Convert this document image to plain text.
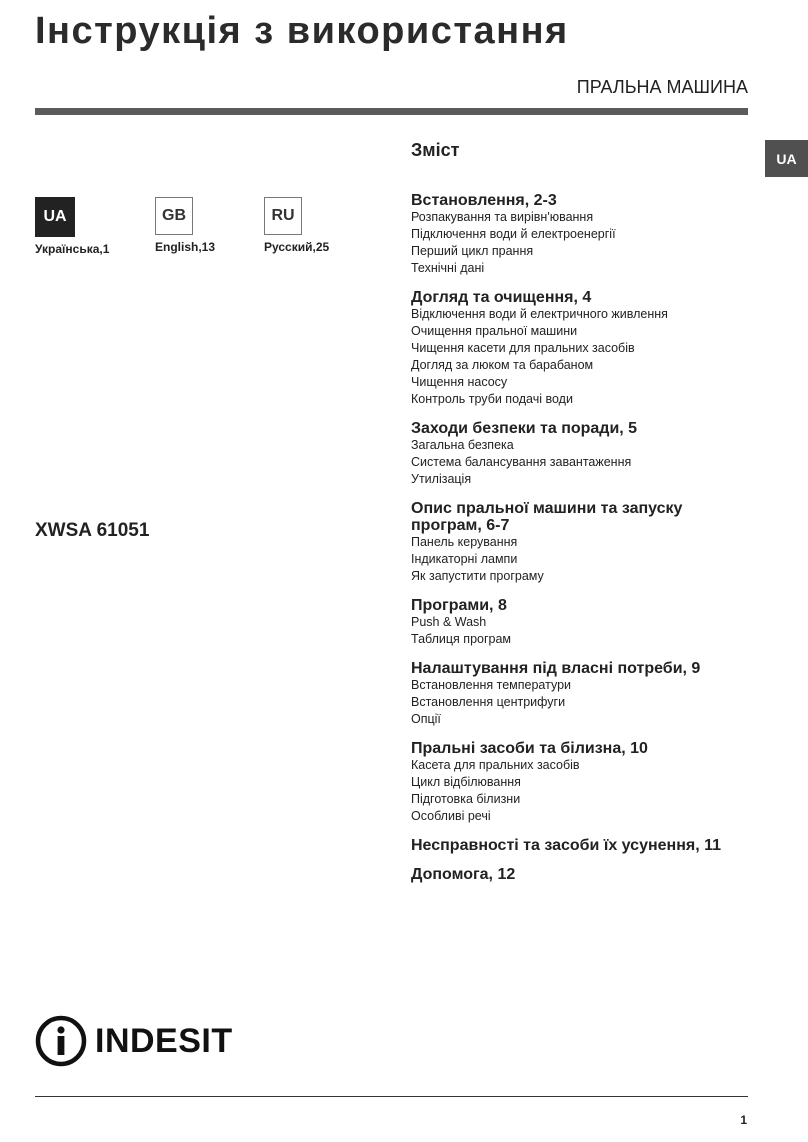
Інструкція з використання
ПРАЛЬНА МАШИНА
UA
UA
Українська,1
GB
English,13
RU
Русский,25
XWSA 61051
Зміст
Встановлення, 2-3
Розпакування та вирівн'ювання
Підключення води й електроенергії
Перший цикл прання
Технічні дані
Догляд та очищення, 4
Відключення води й електричного живлення
Очищення пральної машини
Чищення касети для пральних засобів
Догляд за люком та барабаном
Чищення насосу
Контроль труби подачі води
Заходи безпеки та поради, 5
Загальна безпека
Система балансування завантаження
Утилізація
Опис пральної машини та запуску програм, 6-7
Панель керування
Індикаторні лампи
Як запустити програму
Програми, 8
Push & Wash
Таблиця програм
Налаштування під власні потреби, 9
Встановлення температури
Встановлення центрифуги
Опції
Пральні засоби та білизна, 10
Касета для пральних засобів
Цикл відбілювання
Підготовка білизни
Особливі речі
Несправності та засоби їх усунення, 11
Допомога, 12
INDESIT
1
